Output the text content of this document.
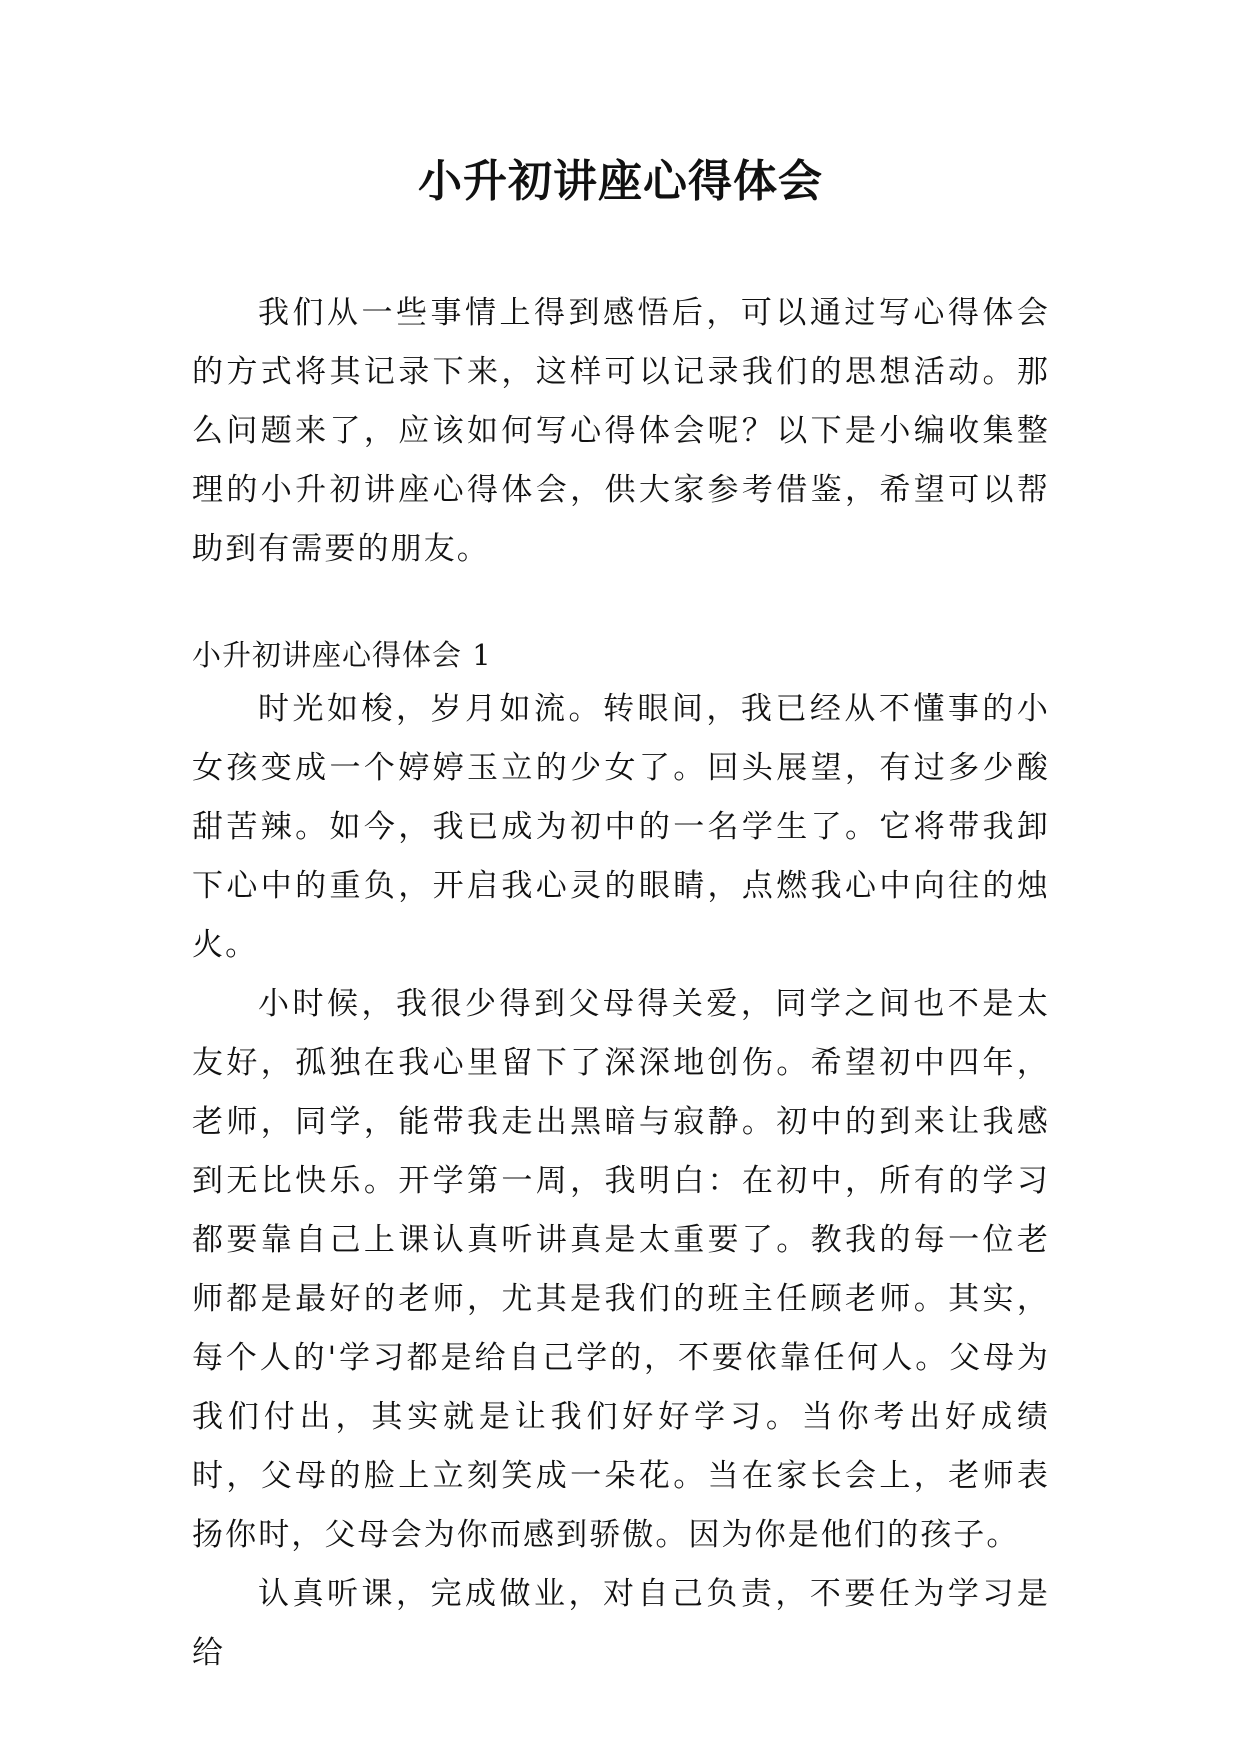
小升初讲座心得体会

我们从一些事情上得到感悟后，可以通过写心得体会的方式将其记录下来，这样可以记录我们的思想活动。那么问题来了，应该如何写心得体会呢？以下是小编收集整理的小升初讲座心得体会，供大家参考借鉴，希望可以帮助到有需要的朋友。

小升初讲座心得体会 1

时光如梭，岁月如流。转眼间，我已经从不懂事的小女孩变成一个婷婷玉立的少女了。回头展望，有过多少酸甜苦辣。如今，我已成为初中的一名学生了。它将带我卸下心中的重负，开启我心灵的眼睛，点燃我心中向往的烛火。

小时候，我很少得到父母得关爱，同学之间也不是太友好，孤独在我心里留下了深深地创伤。希望初中四年，老师，同学，能带我走出黑暗与寂静。初中的到来让我感到无比快乐。开学第一周，我明白：在初中，所有的学习都要靠自己上课认真听讲真是太重要了。教我的每一位老师都是最好的老师，尤其是我们的班主任顾老师。其实，每个人的'学习都是给自己学的，不要依靠任何人。父母为我们付出，其实就是让我们好好学习。当你考出好成绩时，父母的脸上立刻笑成一朵花。当在家长会上，老师表扬你时，父母会为你而感到骄傲。因为你是他们的孩子。

认真听课，完成做业，对自己负责，不要任为学习是给
